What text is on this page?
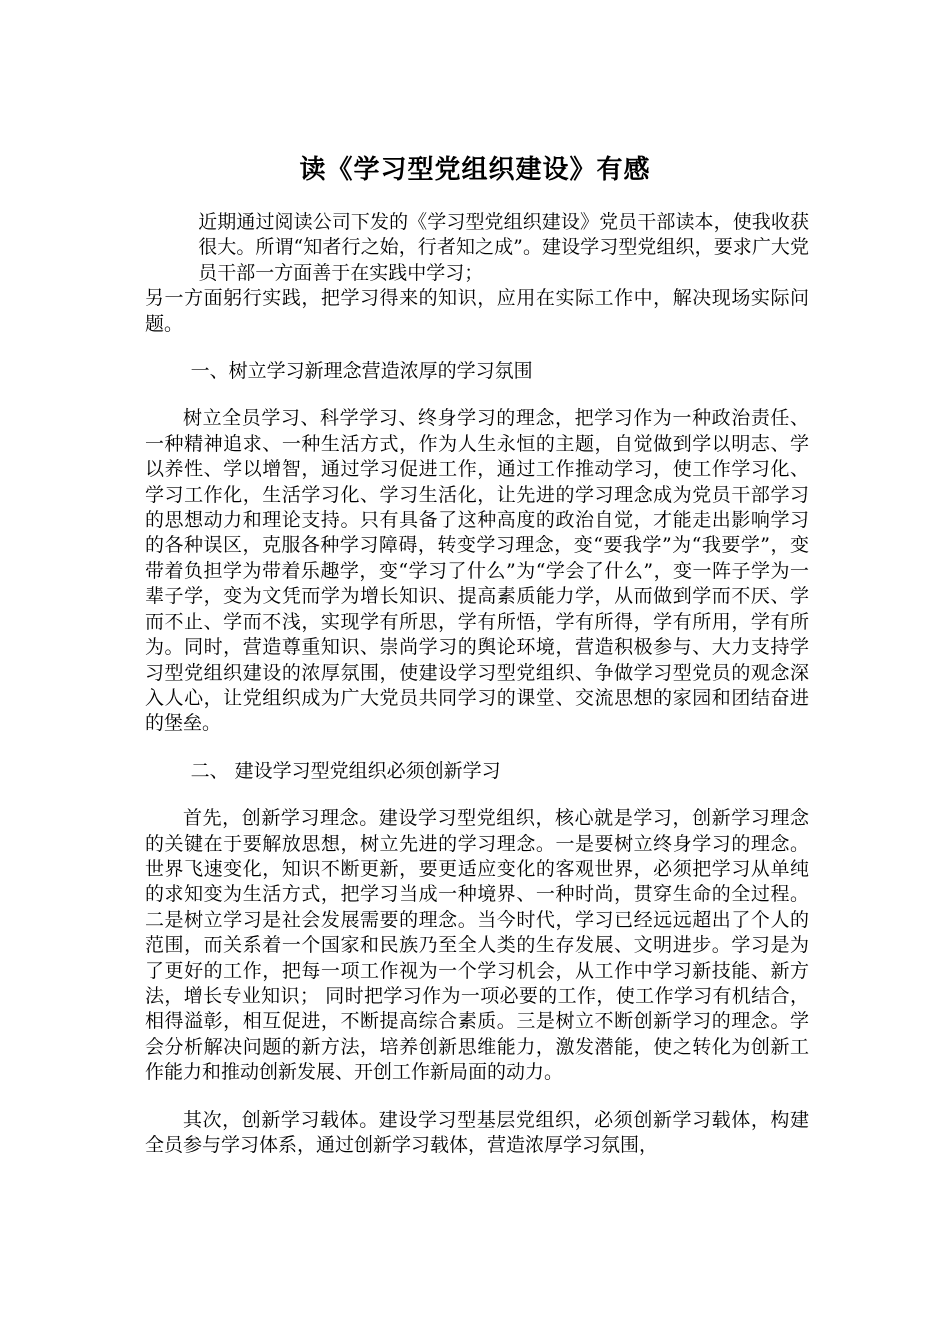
读《学习型党组织建设》有感

近期通过阅读公司下发的《学习型党组织建设》党员干部读本，使我收获很大。所谓“知者行之始，行者知之成”。建设学习型党组织，要求广大党员干部一方面善于在实践中学习；

另一方面躬行实践，把学习得来的知识，应用在实际工作中，解决现场实际问题。

一、树立学习新理念营造浓厚的学习氛围

树立全员学习、科学学习、终身学习的理念，把学习作为一种政治责任、一种精神追求、一种生活方式，作为人生永恒的主题，自觉做到学以明志、学以养性、学以增智，通过学习促进工作，通过工作推动学习，使工作学习化、学习工作化，生活学习化、学习生活化，让先进的学习理念成为党员干部学习的思想动力和理论支持。只有具备了这种高度的政治自觉，才能走出影响学习的各种误区，克服各种学习障碍，转变学习理念，变“要我学”为“我要学”，变带着负担学为带着乐趣学，变“学习了什么”为“学会了什么”，变一阵子学为一辈子学，变为文凭而学为增长知识、提高素质能力学，从而做到学而不厌、学而不止、学而不浅，实现学有所思，学有所悟，学有所得，学有所用，学有所为。同时，营造尊重知识、崇尚学习的舆论环境，营造积极参与、大力支持学习型党组织建设的浓厚氛围，使建设学习型党组织、争做学习型党员的观念深入人心，让党组织成为广大党员共同学习的课堂、交流思想的家园和团结奋进的堡垒。

二、 建设学习型党组织必须创新学习

首先，创新学习理念。建设学习型党组织，核心就是学习，创新学习理念的关键在于要解放思想，树立先进的学习理念。一是要树立终身学习的理念。世界飞速变化，知识不断更新，要更适应变化的客观世界，必须把学习从单纯的求知变为生活方式，把学习当成一种境界、一种时尚，贯穿生命的全过程。二是树立学习是社会发展需要的理念。当今时代，学习已经远远超出了个人的范围，而关系着一个国家和民族乃至全人类的生存发展、文明进步。学习是为了更好的工作，把每一项工作视为一个学习机会，从工作中学习新技能、新方法，增长专业知识； 同时把学习作为一项必要的工作，使工作学习有机结合，相得溢彰，相互促进，不断提高综合素质。三是树立不断创新学习的理念。学会分析解决问题的新方法，培养创新思维能力，激发潜能，使之转化为创新工作能力和推动创新发展、开创工作新局面的动力。

其次，创新学习载体。建设学习型基层党组织，必须创新学习载体，构建全员参与学习体系，通过创新学习载体，营造浓厚学习氛围，
